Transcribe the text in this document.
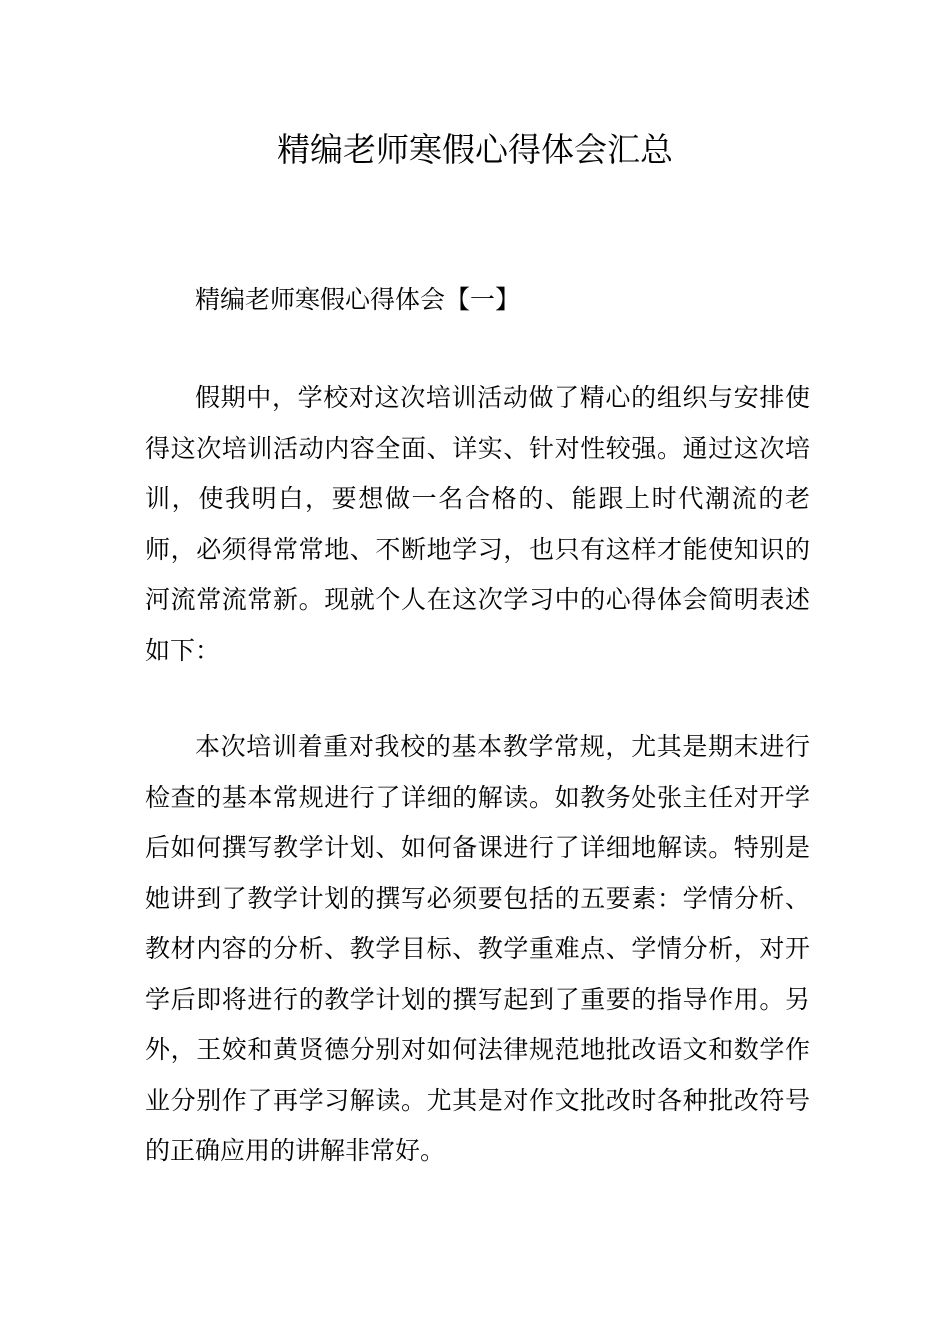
精编老师寒假心得体会汇总
精编老师寒假心得体会【一】

假期中，学校对这次培训活动做了精心的组织与安排使得这次培训活动内容全面、详实、针对性较强。通过这次培训，使我明白，要想做一名合格的、能跟上时代潮流的老师，必须得常常地、不断地学习，也只有这样才能使知识的河流常流常新。现就个人在这次学习中的心得体会简明表述如下：

本次培训着重对我校的基本教学常规，尤其是期末进行检查的基本常规进行了详细的解读。如教务处张主任对开学后如何撰写教学计划、如何备课进行了详细地解读。特别是她讲到了教学计划的撰写必须要包括的五要素：学情分析、教材内容的分析、教学目标、教学重难点、学情分析，对开学后即将进行的教学计划的撰写起到了重要的指导作用。另外，王姣和黄贤德分别对如何法律规范地批改语文和数学作业分别作了再学习解读。尤其是对作文批改时各种批改符号的正确应用的讲解非常好。
